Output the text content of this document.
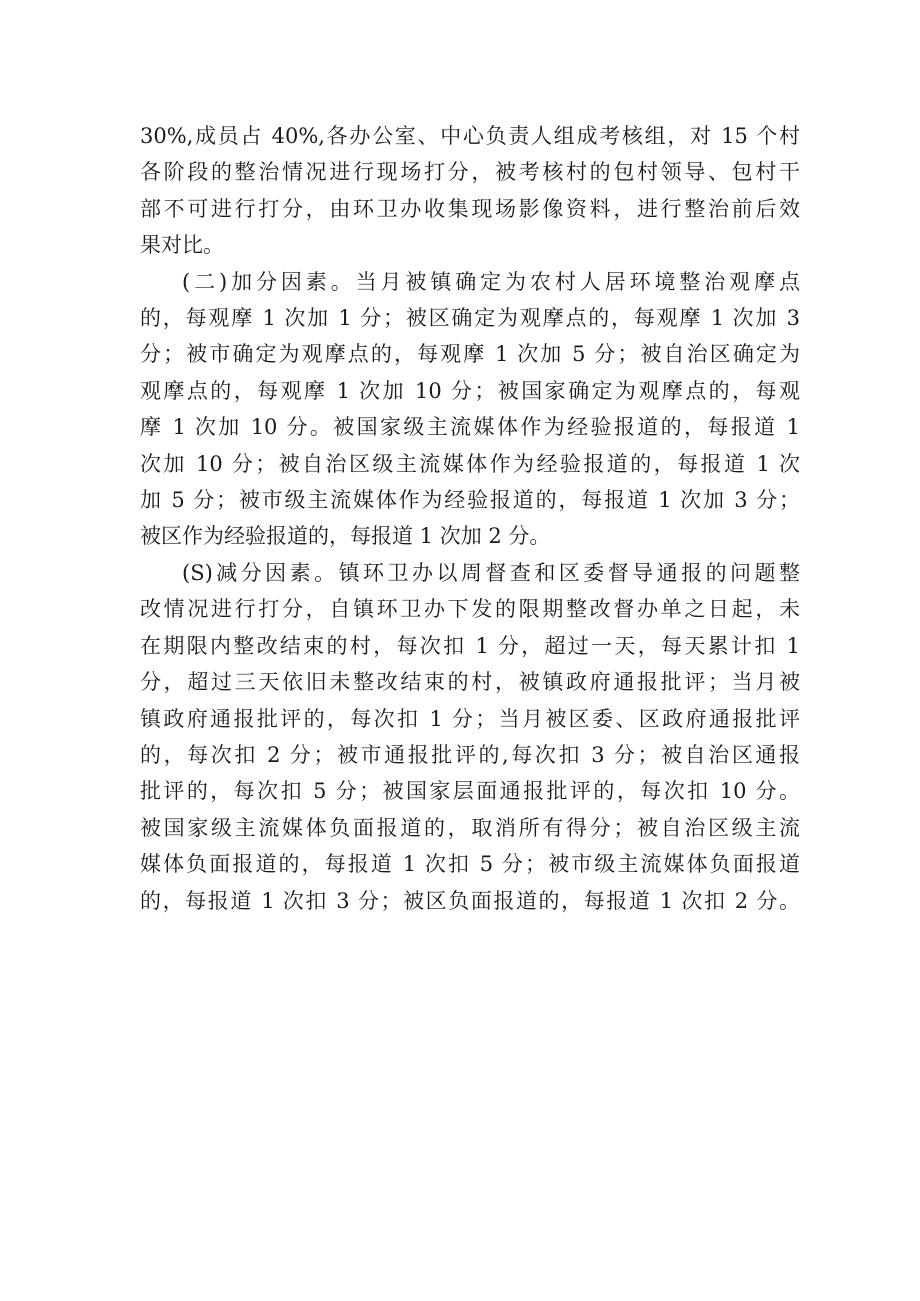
30%,成员占 40%,各办公室、中心负责人组成考核组，对 15 个村
各阶段的整治情况进行现场打分，被考核村的包村领导、包村干
部不可进行打分，由环卫办收集现场影像资料，进行整治前后效
果对比。
(二)加分因素。当月被镇确定为农村人居环境整治观摩点
的，每观摩 1 次加 1 分；被区确定为观摩点的，每观摩 1 次加 3
分；被市确定为观摩点的，每观摩 1 次加 5 分；被自治区确定为
观摩点的，每观摩 1 次加 10 分；被国家确定为观摩点的，每观
摩 1 次加 10 分。被国家级主流媒体作为经验报道的，每报道 1
次加 10 分；被自治区级主流媒体作为经验报道的，每报道 1 次
加 5 分；被市级主流媒体作为经验报道的，每报道 1 次加 3 分；
被区作为经验报道的，每报道 1 次加 2 分。
(S)减分因素。镇环卫办以周督查和区委督导通报的问题整
改情况进行打分，自镇环卫办下发的限期整改督办单之日起，未
在期限内整改结束的村，每次扣 1 分，超过一天，每天累计扣 1
分，超过三天依旧未整改结束的村，被镇政府通报批评；当月被
镇政府通报批评的，每次扣 1 分；当月被区委、区政府通报批评
的，每次扣 2 分；被市通报批评的,每次扣 3 分；被自治区通报
批评的，每次扣 5 分；被国家层面通报批评的，每次扣 10 分。
被国家级主流媒体负面报道的，取消所有得分；被自治区级主流
媒体负面报道的，每报道 1 次扣 5 分；被市级主流媒体负面报道
的，每报道 1 次扣 3 分；被区负面报道的，每报道 1 次扣 2 分。
